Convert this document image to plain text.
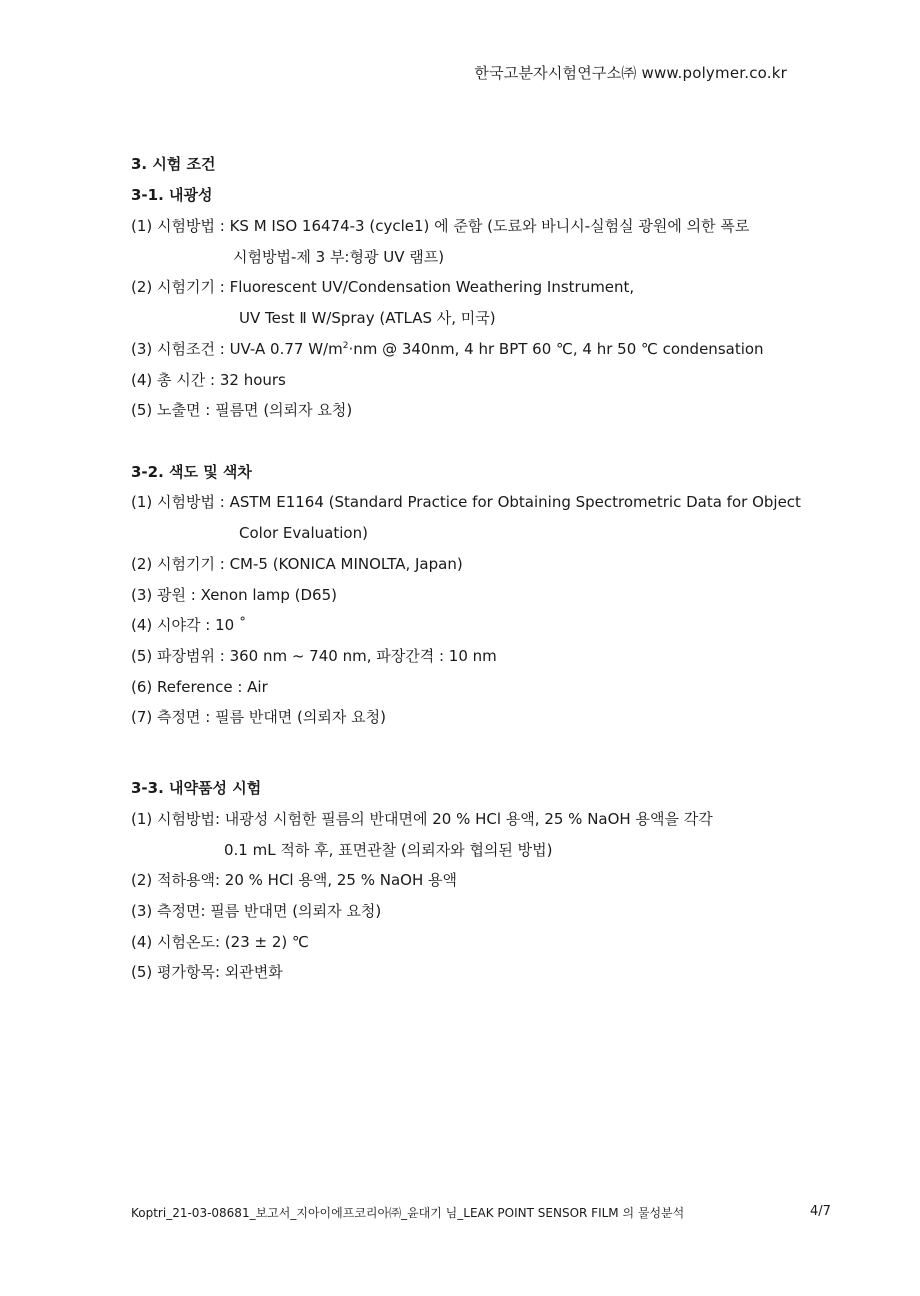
한국고분자시험연구소㈜ www.polymer.co.kr
3. 시험 조건
3-1. 내광성
(1) 시험방법 : KS M ISO 16474-3 (cycle1) 에 준함 (도료와 바니시-실험실 광원에 의한 폭로
시험방법-제 3 부:형광 UV 램프)
(2) 시험기기 : Fluorescent UV/Condensation Weathering Instrument,
UV Test Ⅱ W/Spray (ATLAS 사, 미국)
(3) 시험조건 : UV-A 0.77 $W/m^2\cdot nm$ @ 340nm, 4 hr BPT 60 ℃, 4 hr 50 ℃ condensation
(4) 총 시간 : 32 hours
(5) 노출면 : 필름면 (의뢰자 요청)
3-2. 색도 및 색차
(1) 시험방법 : ASTM E1164 (Standard Practice for Obtaining Spectrometric Data for Object
Color Evaluation)
(2) 시험기기 : CM-5 (KONICA MINOLTA, Japan)
(3) 광원 : Xenon lamp (D65)
(4) 시야각 : 10 ˚
(5) 파장범위 : 360 nm ~ 740 nm, 파장간격 : 10 nm
(6) Reference : Air
(7) 측정면 : 필름 반대면 (의뢰자 요청)
3-3. 내약품성 시험
(1) 시험방법: 내광성 시험한 필름의 반대면에 20 % HCl 용액, 25 % NaOH 용액을 각각
0.1 mL 적하 후, 표면관찰 (의뢰자와 협의된 방법)
(2) 적하용액: 20 % HCl 용액, 25 % NaOH 용액
(3) 측정면: 필름 반대면 (의뢰자 요청)
(4) 시험온도: (23 ± 2) ℃
(5) 평가항목: 외관변화
Koptri_21-03-08681_보고서_지아이에프코리아㈜_윤대기 님_LEAK POINT SENSOR FILM 의 물성분석	4/7
